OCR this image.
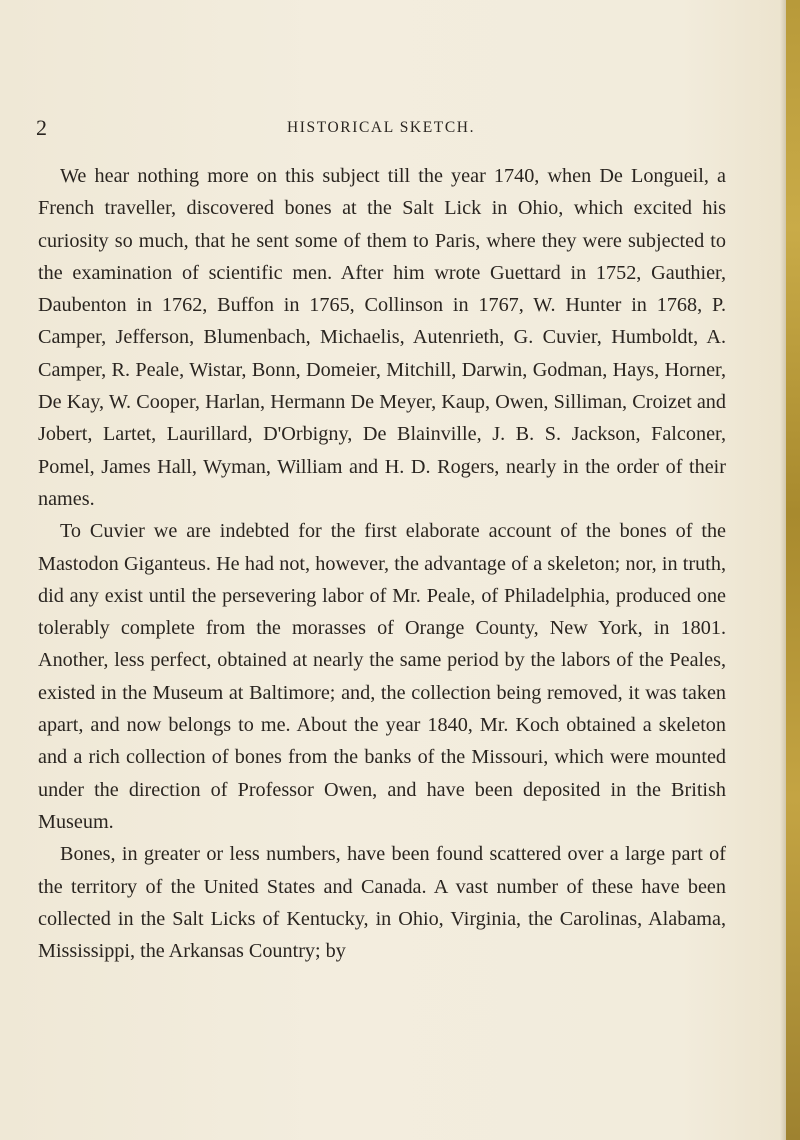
2	HISTORICAL SKETCH.

We hear nothing more on this subject till the year 1740, when De Longueil, a French traveller, discovered bones at the Salt Lick in Ohio, which excited his curiosity so much, that he sent some of them to Paris, where they were subjected to the examination of scientific men. After him wrote Guettard in 1752, Gauthier, Daubenton in 1762, Buffon in 1765, Collinson in 1767, W. Hunter in 1768, P. Camper, Jefferson, Blumenbach, Michaelis, Autenrieth, G. Cuvier, Humboldt, A. Camper, R. Peale, Wistar, Bonn, Domeier, Mitchill, Darwin, Godman, Hays, Horner, De Kay, W. Cooper, Harlan, Hermann De Meyer, Kaup, Owen, Silliman, Croizet and Jobert, Lartet, Laurillard, D'Orbigny, De Blainville, J. B. S. Jackson, Falconer, Pomel, James Hall, Wyman, William and H. D. Rogers, nearly in the order of their names.

To Cuvier we are indebted for the first elaborate account of the bones of the Mastodon Giganteus. He had not, however, the advantage of a skeleton; nor, in truth, did any exist until the persevering labor of Mr. Peale, of Philadelphia, produced one tolerably complete from the morasses of Orange County, New York, in 1801. Another, less perfect, obtained at nearly the same period by the labors of the Peales, existed in the Museum at Baltimore; and, the collection being removed, it was taken apart, and now belongs to me. About the year 1840, Mr. Koch obtained a skeleton and a rich collection of bones from the banks of the Missouri, which were mounted under the direction of Professor Owen, and have been deposited in the British Museum.

Bones, in greater or less numbers, have been found scattered over a large part of the territory of the United States and Canada. A vast number of these have been collected in the Salt Licks of Kentucky, in Ohio, Virginia, the Carolinas, Alabama, Mississippi, the Arkansas Country; by
